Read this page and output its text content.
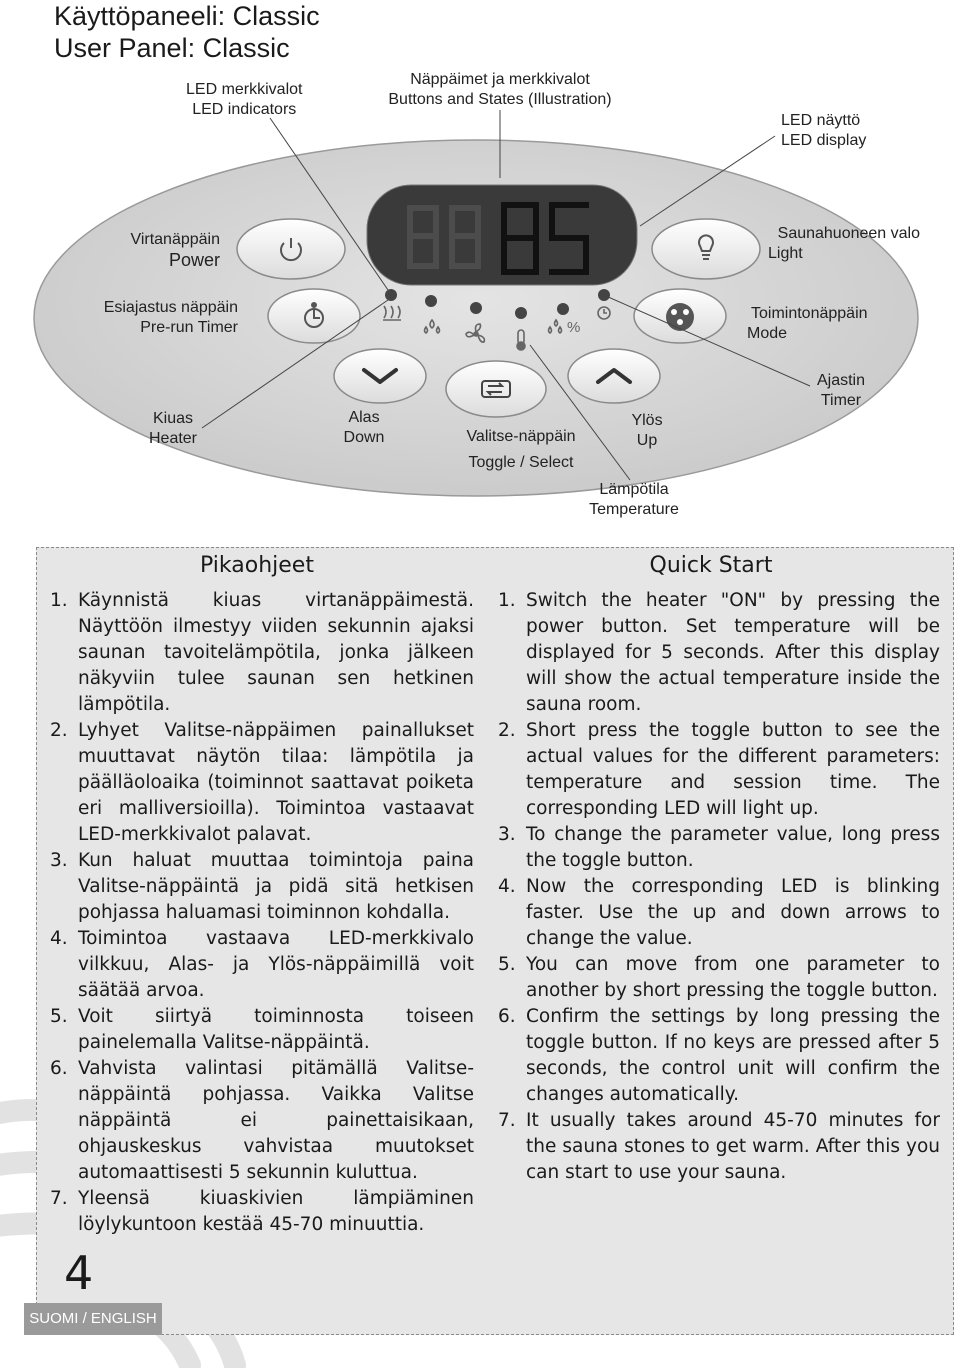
Käyttöpaneeli: Classic
User Panel: Classic
%
LED merkkivalot
LED indicators
Näppäimet ja merkkivalot
Buttons and States (Illustration)
LED näyttö
LED display
Virtanäppäin
Power
Saunahuoneen valo
Light
Esiajastus näppäin
Pre-run Timer
Toimintonäppäin
Mode
Kiuas
Heater
Alas
Down	Valitse-näppäin
Toggle / Select
Ylös
Up
Ajastin
Timer
Lämpötila
Temperature
Pikaohjeet
1. Käynnistä kiuas virtanäppäimestä. Näyttöön ilmestyy viiden sekunnin ajaksi saunan tavoitelämpötila, jonka jälkeen näkyviin tulee saunan sen hetkinen lämpötila.
2. Lyhyet Valitse-näppäimen painallukset muuttavat näytön tilaa: lämpötila ja päälläoloaika (toiminnot saattavat poiketa eri malliversioilla). Toimintoa vastaavat LED-merkkivalot palavat.
3. Kun haluat muuttaa toimintoja paina Valitse-näppäintä ja pidä sitä hetkisen pohjassa haluamasi toiminnon kohdalla.
4. Toimintoa vastaava LED-merkkivalo vilkkuu, Alas- ja Ylös-näppäimillä voit säätää arvoa.
5. Voit siirtyä toiminnosta toiseen painelemalla Valitse-näppäintä.
6. Vahvista valintasi pitämällä Valitse-näppäintä pohjassa. Vaikka Valitse näppäintä ei painettaisikaan, ohjauskeskus vahvistaa muutokset automaattisesti 5 sekunnin kuluttua.
7. Yleensä kiuaskivien lämpiäminen löylykuntoon kestää 45-70 minuuttia.
Quick Start
1. Switch the heater "ON" by pressing the power button. Set temperature will be displayed for 5 seconds. After this display will show the actual temperature inside the sauna room.
2. Short press the toggle button to see the actual values for the different parameters: temperature and session time. The corresponding LED will light up.
3. To change the parameter value, long press the toggle button.
4. Now the corresponding LED is blinking faster. Use the up and down arrows to change the value.
5. You can move from one parameter to another by short pressing the toggle button.
6. Confirm the settings by long pressing the toggle button. If no keys are pressed after 5 seconds, the control unit will confirm the changes automatically.
7. It usually takes around 45-70 minutes for the sauna stones to get warm. After this you can start to use your sauna.
4
SUOMI / ENGLISH
